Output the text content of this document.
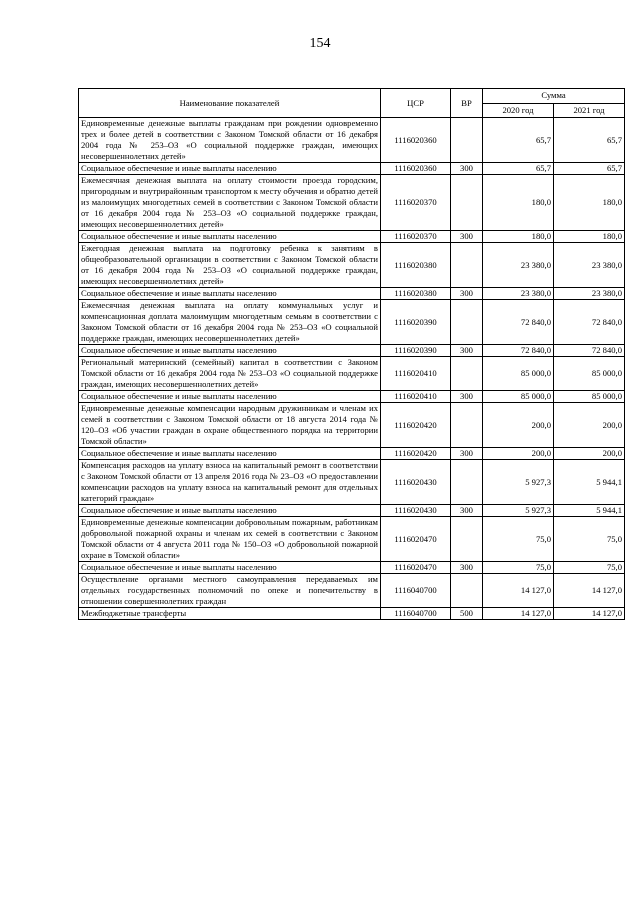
154
Наименование показателей	ЦСР	ВР	Сумма	
			2020 год	2021 год
Единовременные денежные выплаты гражданам при рождении одновременно трех и более детей в соответствии с Законом Томской области от 16 декабря 2004 года № 253–ОЗ «О социальной поддержке граждан, имеющих несовершеннолетних детей»	1116020360		65,7	65,7
Социальное обеспечение и иные выплаты населению	1116020360	300	65,7	65,7
Ежемесячная денежная выплата на оплату стоимости проезда городским, пригородным и внутрирайонным транспортом к месту обучения и обратно детей из малоимущих многодетных семей в соответствии с Законом Томской области от 16 декабря 2004 года № 253–ОЗ «О социальной поддержке граждан, имеющих несовершеннолетних детей»	1116020370		180,0	180,0
Социальное обеспечение и иные выплаты населению	1116020370	300	180,0	180,0
Ежегодная денежная выплата на подготовку ребенка к занятиям в общеобразовательной организации в соответствии с Законом Томской области от 16 декабря 2004 года № 253–ОЗ «О социальной поддержке граждан, имеющих несовершеннолетних детей»	1116020380		23 380,0	23 380,0
Социальное обеспечение и иные выплаты населению	1116020380	300	23 380,0	23 380,0
Ежемесячная денежная выплата на оплату коммунальных услуг и компенсационная доплата малоимущим многодетным семьям в соответствии с Законом Томской области от 16 декабря 2004 года № 253–ОЗ «О социальной поддержке граждан, имеющих несовершеннолетних детей»	1116020390		72 840,0	72 840,0
Социальное обеспечение и иные выплаты населению	1116020390	300	72 840,0	72 840,0
Региональный материнский (семейный) капитал в соответствии с Законом Томской области от 16 декабря 2004 года № 253–ОЗ «О социальной поддержке граждан, имеющих несовершеннолетних детей»	1116020410		85 000,0	85 000,0
Социальное обеспечение и иные выплаты населению	1116020410	300	85 000,0	85 000,0
Единовременные денежные компенсации народным дружинникам и членам их семей в соответствии с Законом Томской области от 18 августа 2014 года № 120–ОЗ «Об участии граждан в охране общественного порядка на территории Томской области»	1116020420		200,0	200,0
Социальное обеспечение и иные выплаты населению	1116020420	300	200,0	200,0
Компенсация расходов на уплату взноса на капитальный ремонт в соответствии с Законом Томской области от 13 апреля 2016 года № 23–ОЗ «О предоставлении компенсации расходов на уплату взноса на капитальный ремонт для отдельных категорий граждан»	1116020430		5 927,3	5 944,1
Социальное обеспечение и иные выплаты населению	1116020430	300	5 927,3	5 944,1
Единовременные денежные компенсации добровольным пожарным, работникам добровольной пожарной охраны и членам их семей в соответствии с Законом Томской области от 4 августа 2011 года № 150–ОЗ «О добровольной пожарной охране в Томской области»	1116020470		75,0	75,0
Социальное обеспечение и иные выплаты населению	1116020470	300	75,0	75,0
Осуществление органами местного самоуправления передаваемых им отдельных государственных полномочий по опеке и попечительству в отношении совершеннолетних граждан	1116040700		14 127,0	14 127,0
Межбюджетные трансферты	1116040700	500	14 127,0	14 127,0
